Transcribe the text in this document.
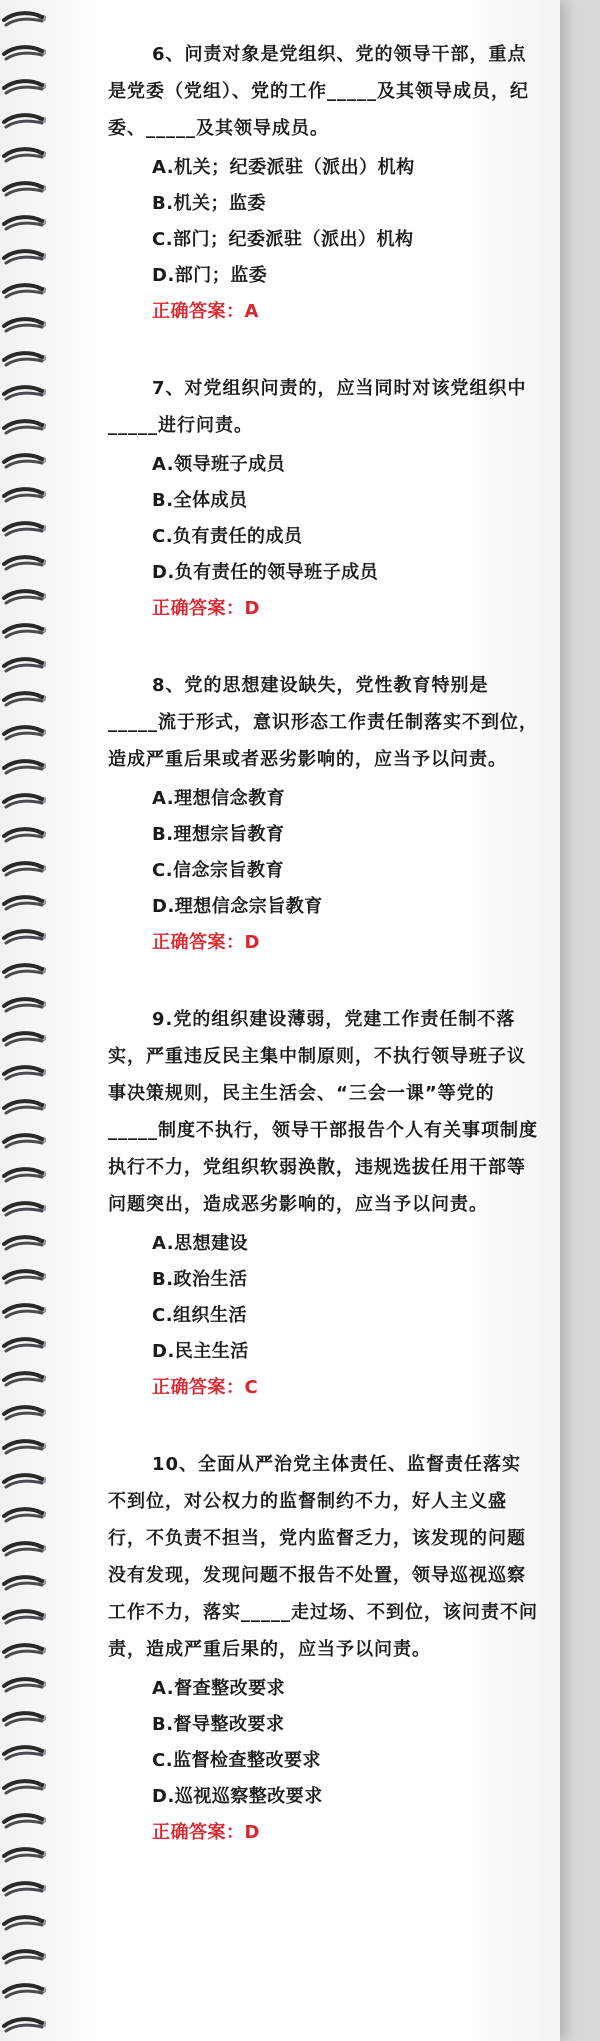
6、问责对象是党组织、党的领导干部，重点是党委（党组）、党的工作_____及其领导成员，纪委、_____及其领导成员。

A.机关；纪委派驻（派出）机构
B.机关；监委
C.部门；纪委派驻（派出）机构
D.部门；监委
正确答案：A

7、对党组织问责的，应当同时对该党组织中_____进行问责。

A.领导班子成员
B.全体成员
C.负有责任的成员
D.负有责任的领导班子成员
正确答案：D

8、党的思想建设缺失，党性教育特别是_____流于形式，意识形态工作责任制落实不到位，造成严重后果或者恶劣影响的，应当予以问责。

A.理想信念教育
B.理想宗旨教育
C.信念宗旨教育
D.理想信念宗旨教育
正确答案：D

9.党的组织建设薄弱，党建工作责任制不落实，严重违反民主集中制原则，不执行领导班子议事决策规则，民主生活会、“三会一课”等党的_____制度不执行，领导干部报告个人有关事项制度执行不力，党组织软弱涣散，违规选拔任用干部等问题突出，造成恶劣影响的，应当予以问责。

A.思想建设
B.政治生活
C.组织生活
D.民主生活
正确答案：C

10、全面从严治党主体责任、监督责任落实不到位，对公权力的监督制约不力，好人主义盛行，不负责不担当，党内监督乏力，该发现的问题没有发现，发现问题不报告不处置，领导巡视巡察工作不力，落实_____走过场、不到位，该问责不问责，造成严重后果的，应当予以问责。

A.督查整改要求
B.督导整改要求
C.监督检查整改要求
D.巡视巡察整改要求
正确答案：D
